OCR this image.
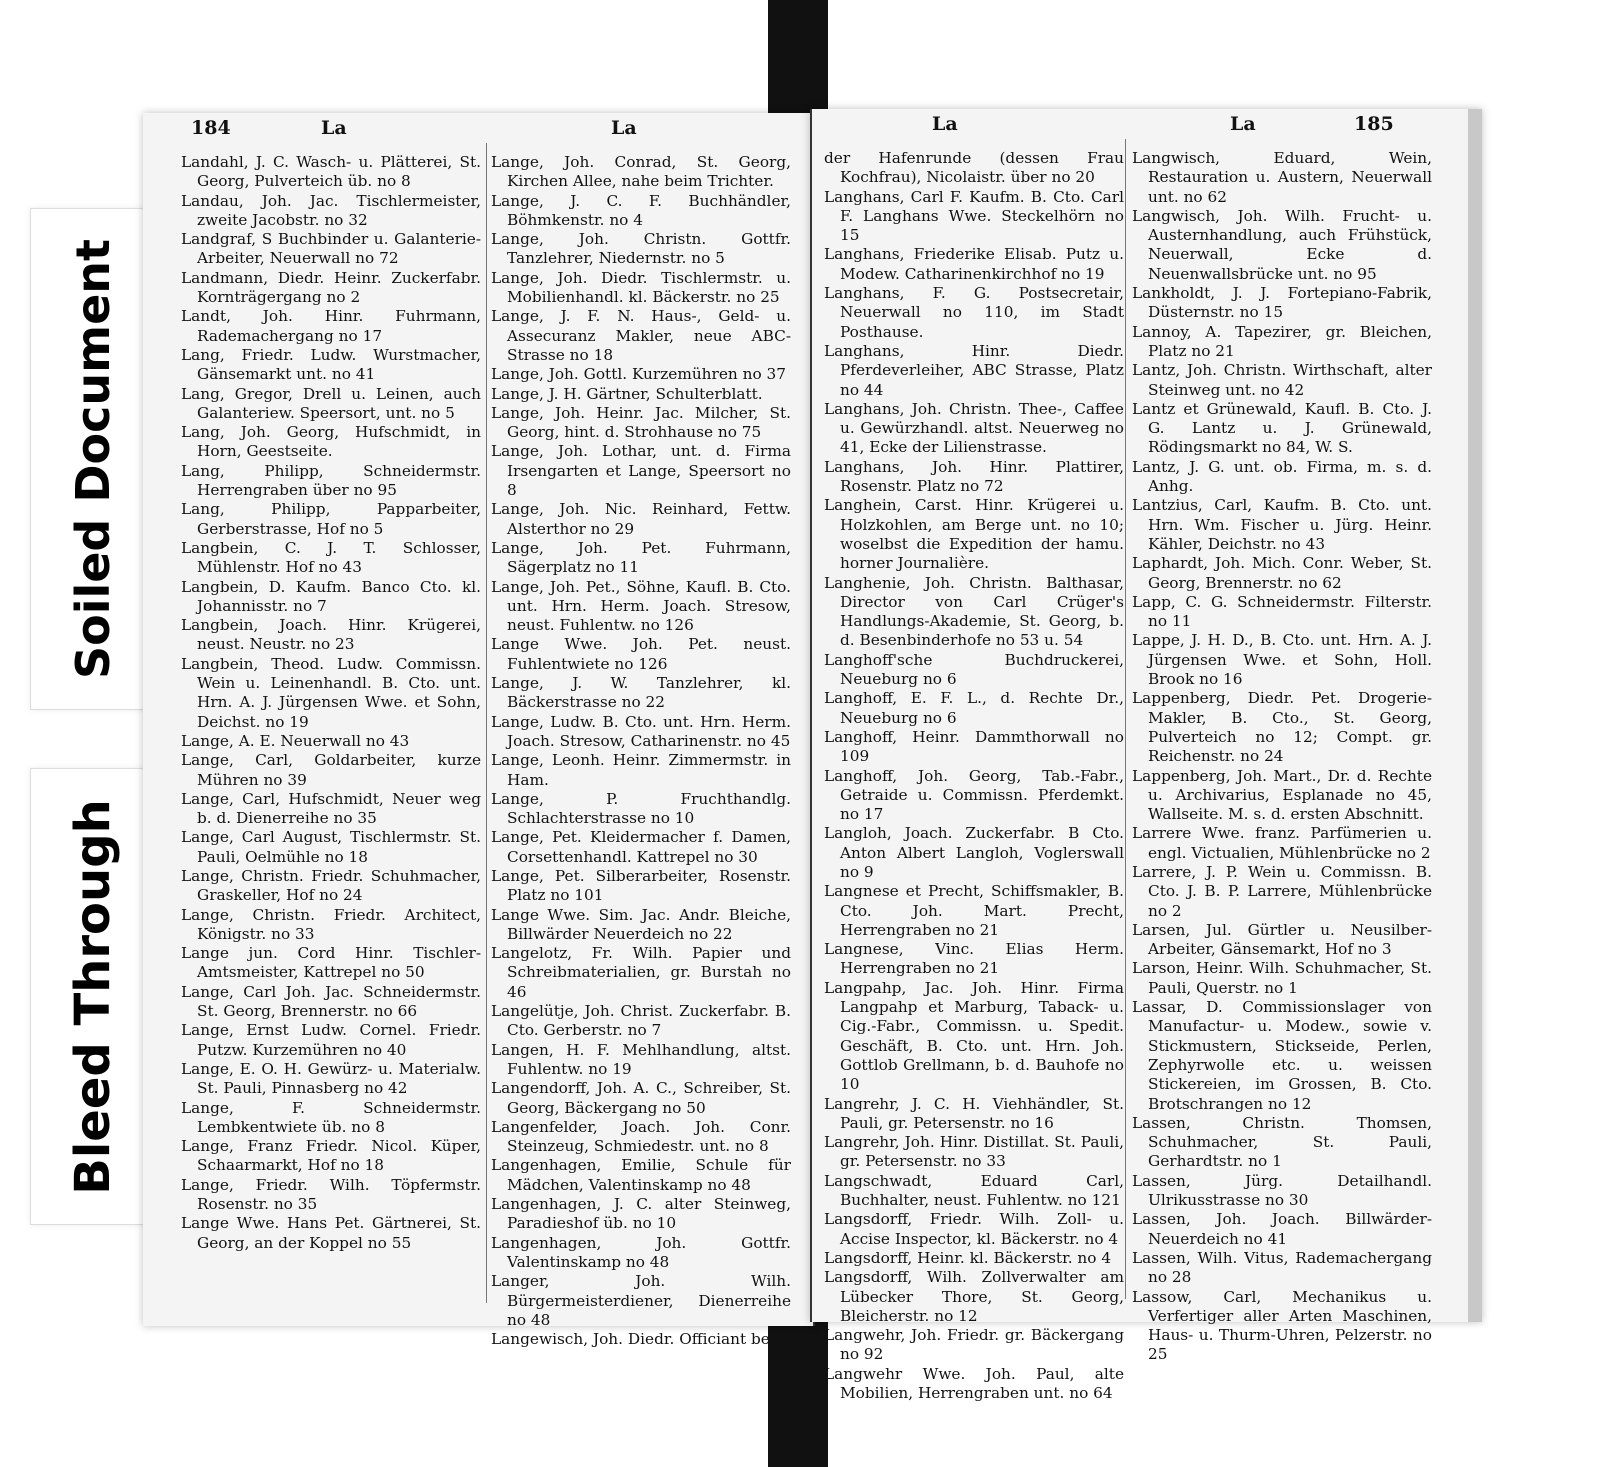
Soiled Document
Bleed Through
184	La	La

Landahl, J. C. Wasch- u. Plätterei, St. Georg, Pulverteich üb. no 8

Landau, Joh. Jac. Tischlermeister, zweite Jacobstr. no 32

Landgraf, S Buchbinder u. Galanterie-Arbeiter, Neuerwall no 72

Landmann, Diedr. Heinr. Zuckerfabr. Kornträgergang no 2

Landt, Joh. Hinr. Fuhrmann, Rademachergang no 17

Lang, Friedr. Ludw. Wurstmacher, Gänsemarkt unt. no 41

Lang, Gregor, Drell u. Leinen, auch Galanteriew. Speersort, unt. no 5

Lang, Joh. Georg, Hufschmidt, in Horn, Geestseite.

Lang, Philipp, Schneidermstr. Herrengraben über no 95

Lang, Philipp, Papparbeiter, Gerberstrasse, Hof no 5

Langbein, C. J. T. Schlosser, Mühlenstr. Hof no 43

Langbein, D. Kaufm. Banco Cto. kl. Johannisstr. no 7

Langbein, Joach. Hinr. Krügerei, neust. Neustr. no 23

Langbein, Theod. Ludw. Commissn. Wein u. Leinenhandl. B. Cto. unt. Hrn. A. J. Jürgensen Wwe. et Sohn, Deichst. no 19

Lange, A. E. Neuerwall no 43

Lange, Carl, Goldarbeiter, kurze Mühren no 39

Lange, Carl, Hufschmidt, Neuer weg b. d. Dienerreihe no 35

Lange, Carl August, Tischlermstr. St. Pauli, Oelmühle no 18

Lange, Christn. Friedr. Schuhmacher, Graskeller, Hof no 24

Lange, Christn. Friedr. Architect, Königstr. no 33

Lange jun. Cord Hinr. Tischler-Amtsmeister, Kattrepel no 50

Lange, Carl Joh. Jac. Schneidermstr. St. Georg, Brennerstr. no 66

Lange, Ernst Ludw. Cornel. Friedr. Putzw. Kurzemühren no 40

Lange, E. O. H. Gewürz- u. Materialw. St. Pauli, Pinnasberg no 42

Lange, F. Schneidermstr. Lembkentwiete üb. no 8

Lange, Franz Friedr. Nicol. Küper, Schaarmarkt, Hof no 18

Lange, Friedr. Wilh. Töpfermstr. Rosenstr. no 35

Lange Wwe. Hans Pet. Gärtnerei, St. Georg, an der Koppel no 55

Lange, Joh. Conrad, St. Georg, Kirchen Allee, nahe beim Trichter.

Lange, J. C. F. Buchhändler, Böhmkenstr. no 4

Lange, Joh. Christn. Gottfr. Tanzlehrer, Niedernstr. no 5

Lange, Joh. Diedr. Tischlermstr. u. Mobilienhandl. kl. Bäckerstr. no 25

Lange, J. F. N. Haus-, Geld- u. Assecuranz Makler, neue ABC-Strasse no 18

Lange, Joh. Gottl. Kurzemühren no 37

Lange, J. H. Gärtner, Schulterblatt.

Lange, Joh. Heinr. Jac. Milcher, St. Georg, hint. d. Strohhause no 75

Lange, Joh. Lothar, unt. d. Firma Irsengarten et Lange, Speersort no 8

Lange, Joh. Nic. Reinhard, Fettw. Alsterthor no 29

Lange, Joh. Pet. Fuhrmann, Sägerplatz no 11

Lange, Joh. Pet., Söhne, Kaufl. B. Cto. unt. Hrn. Herm. Joach. Stresow, neust. Fuhlentw. no 126

Lange Wwe. Joh. Pet. neust. Fuhlentwiete no 126

Lange, J. W. Tanzlehrer, kl. Bäckerstrasse no 22

Lange, Ludw. B. Cto. unt. Hrn. Herm. Joach. Stresow, Catharinenstr. no 45

Lange, Leonh. Heinr. Zimmermstr. in Ham.

Lange, P. Fruchthandlg. Schlachterstrasse no 10

Lange, Pet. Kleidermacher f. Damen, Corsettenhandl. Kattrepel no 30

Lange, Pet. Silberarbeiter, Rosenstr. Platz no 101

Lange Wwe. Sim. Jac. Andr. Bleiche, Billwärder Neuerdeich no 22

Langelotz, Fr. Wilh. Papier und Schreibmaterialien, gr. Burstah no 46

Langelütje, Joh. Christ. Zuckerfabr. B. Cto. Gerberstr. no 7

Langen, H. F. Mehlhandlung, altst. Fuhlentw. no 19

Langendorff, Joh. A. C., Schreiber, St. Georg, Bäckergang no 50

Langenfelder, Joach. Joh. Conr. Steinzeug, Schmiedestr. unt. no 8

Langenhagen, Emilie, Schule für Mädchen, Valentinskamp no 48

Langenhagen, J. C. alter Steinweg, Paradieshof üb. no 10

Langenhagen, Joh. Gottfr. Valentinskamp no 48

Langer, Joh. Wilh. Bürgermeisterdiener, Dienerreihe no 48

Langewisch, Joh. Diedr. Officiant bei

La	La	185

der Hafenrunde (dessen Frau Kochfrau), Nicolaistr. über no 20

Langhans, Carl F. Kaufm. B. Cto. Carl F. Langhans Wwe. Steckelhörn no 15

Langhans, Friederike Elisab. Putz u. Modew. Catharinenkirchhof no 19

Langhans, F. G. Postsecretair, Neuerwall no 110, im Stadt Posthause.

Langhans, Hinr. Diedr. Pferdeverleiher, ABC Strasse, Platz no 44

Langhans, Joh. Christn. Thee-, Caffee u. Gewürzhandl. altst. Neuerweg no 41, Ecke der Lilienstrasse.

Langhans, Joh. Hinr. Plattirer, Rosenstr. Platz no 72

Langhein, Carst. Hinr. Krügerei u. Holzkohlen, am Berge unt. no 10; woselbst die Expedition der hamu. horner Journalière.

Langhenie, Joh. Christn. Balthasar, Director von Carl Crüger's Handlungs-Akademie, St. Georg, b. d. Besenbinderhofe no 53 u. 54

Langhoff'sche Buchdruckerei, Neueburg no 6

Langhoff, E. F. L., d. Rechte Dr., Neueburg no 6

Langhoff, Heinr. Dammthorwall no 109

Langhoff, Joh. Georg, Tab.-Fabr., Getraide u. Commissn. Pferdemkt. no 17

Langloh, Joach. Zuckerfabr. B Cto. Anton Albert Langloh, Voglerswall no 9

Langnese et Precht, Schiffsmakler, B. Cto. Joh. Mart. Precht, Herrengraben no 21

Langnese, Vinc. Elias Herm. Herrengraben no 21

Langpahp, Jac. Joh. Hinr. Firma Langpahp et Marburg, Taback- u. Cig.-Fabr., Commissn. u. Spedit. Geschäft, B. Cto. unt. Hrn. Joh. Gottlob Grellmann, b. d. Bauhofe no 10

Langrehr, J. C. H. Viehhändler, St. Pauli, gr. Petersenstr. no 16

Langrehr, Joh. Hinr. Distillat. St. Pauli, gr. Petersenstr. no 33

Langschwadt, Eduard Carl, Buchhalter, neust. Fuhlentw. no 121

Langsdorff, Friedr. Wilh. Zoll- u. Accise Inspector, kl. Bäckerstr. no 4

Langsdorff, Heinr. kl. Bäckerstr. no 4

Langsdorff, Wilh. Zollverwalter am Lübecker Thore, St. Georg, Bleicherstr. no 12

Langwehr, Joh. Friedr. gr. Bäckergang no 92

Langwehr Wwe. Joh. Paul, alte Mobilien, Herrengraben unt. no 64

Langwisch, Eduard, Wein, Restauration u. Austern, Neuerwall unt. no 62

Langwisch, Joh. Wilh. Frucht- u. Austernhandlung, auch Frühstück, Neuerwall, Ecke d. Neuenwallsbrücke unt. no 95

Lankholdt, J. J. Fortepiano-Fabrik, Düsternstr. no 15

Lannoy, A. Tapezirer, gr. Bleichen, Platz no 21

Lantz, Joh. Christn. Wirthschaft, alter Steinweg unt. no 42

Lantz et Grünewald, Kaufl. B. Cto. J. G. Lantz u. J. Grünewald, Rödingsmarkt no 84, W. S.

Lantz, J. G. unt. ob. Firma, m. s. d. Anhg.

Lantzius, Carl, Kaufm. B. Cto. unt. Hrn. Wm. Fischer u. Jürg. Heinr. Kähler, Deichstr. no 43

Laphardt, Joh. Mich. Conr. Weber, St. Georg, Brennerstr. no 62

Lapp, C. G. Schneidermstr. Filterstr. no 11

Lappe, J. H. D., B. Cto. unt. Hrn. A. J. Jürgensen Wwe. et Sohn, Holl. Brook no 16

Lappenberg, Diedr. Pet. Drogerie-Makler, B. Cto., St. Georg, Pulverteich no 12; Compt. gr. Reichenstr. no 24

Lappenberg, Joh. Mart., Dr. d. Rechte u. Archivarius, Esplanade no 45, Wallseite. M. s. d. ersten Abschnitt.

Larrere Wwe. franz. Parfümerien u. engl. Victualien, Mühlenbrücke no 2

Larrere, J. P. Wein u. Commissn. B. Cto. J. B. P. Larrere, Mühlenbrücke no 2

Larsen, Jul. Gürtler u. Neusilber-Arbeiter, Gänsemarkt, Hof no 3

Larson, Heinr. Wilh. Schuhmacher, St. Pauli, Querstr. no 1

Lassar, D. Commissionslager von Manufactur- u. Modew., sowie v. Stickmustern, Stickseide, Perlen, Zephyrwolle etc. u. weissen Stickereien, im Grossen, B. Cto. Brotschrangen no 12

Lassen, Christn. Thomsen, Schuhmacher, St. Pauli, Gerhardtstr. no 1

Lassen, Jürg. Detailhandl. Ulrikusstrasse no 30

Lassen, Joh. Joach. Billwärder-Neuerdeich no 41

Lassen, Wilh. Vitus, Rademachergang no 28

Lassow, Carl, Mechanikus u. Verfertiger aller Arten Maschinen, Haus- u. Thurm-Uhren, Pelzerstr. no 25
